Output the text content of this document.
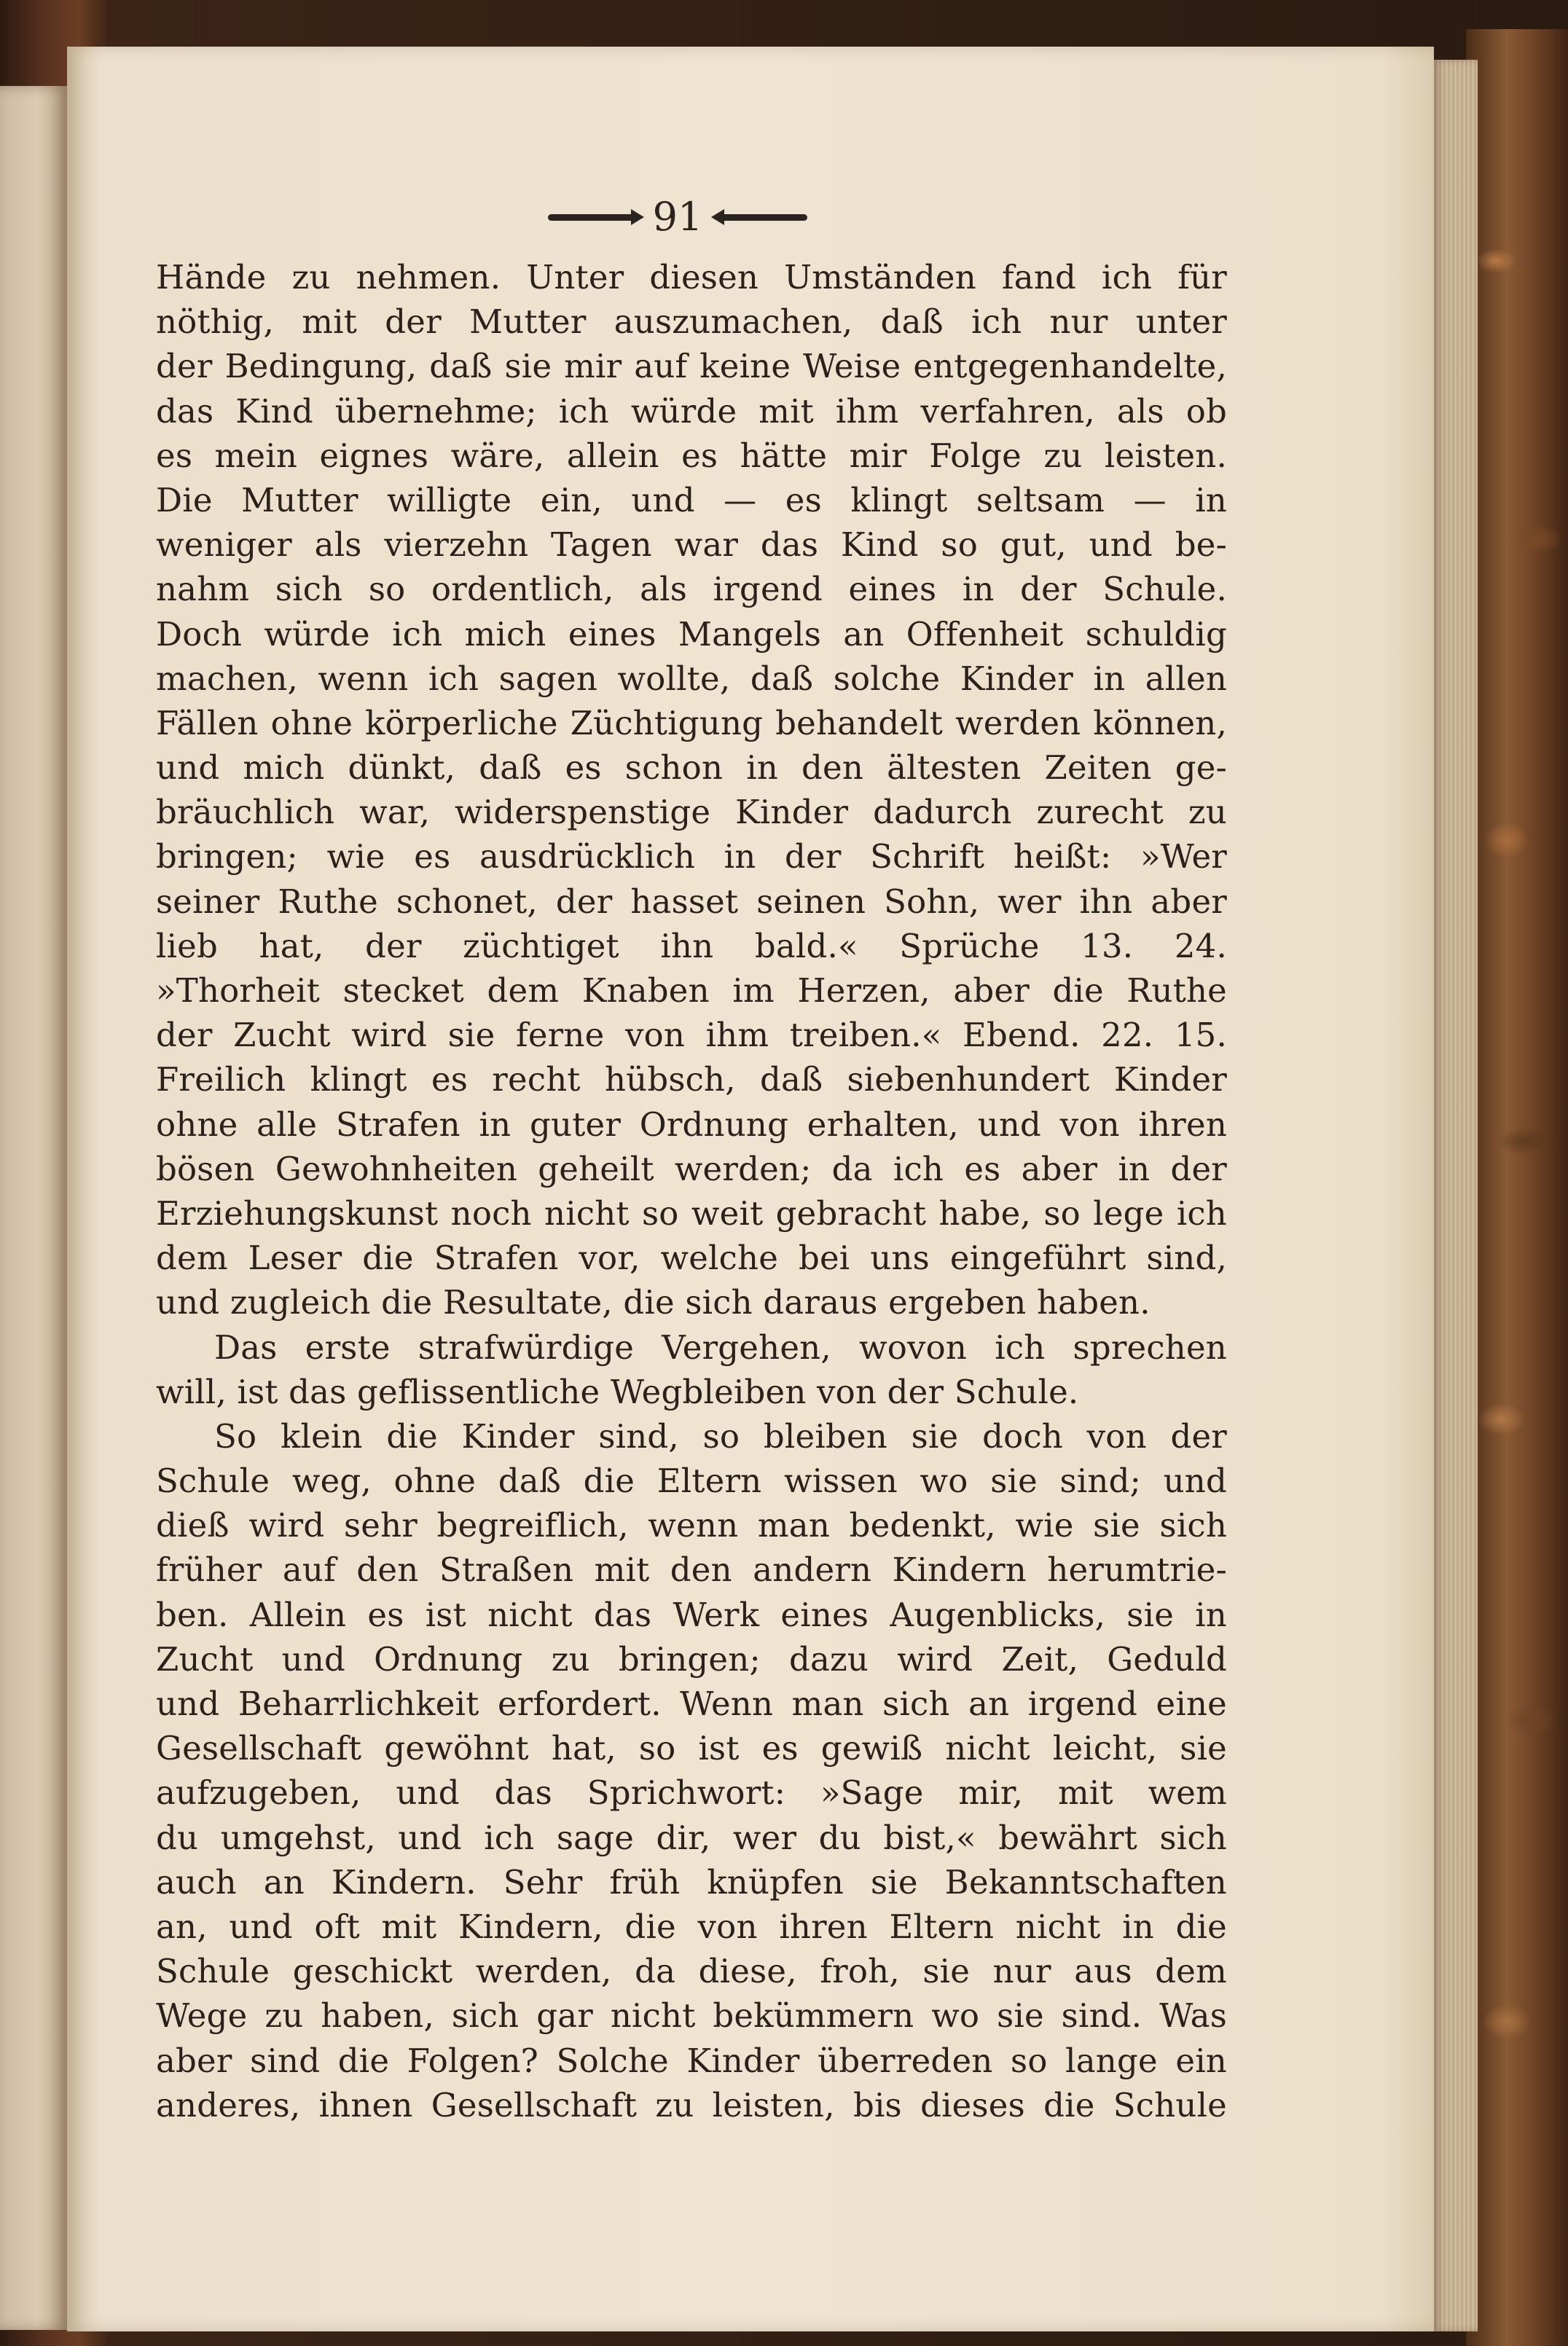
91
Hände zu nehmen. Unter diesen Umständen fand ich für
nöthig, mit der Mutter auszumachen, daß ich nur unter
der Bedingung, daß sie mir auf keine Weise entgegenhandelte,
das Kind übernehme; ich würde mit ihm verfahren, als ob
es mein eignes wäre, allein es hätte mir Folge zu leisten.
Die Mutter willigte ein, und — es klingt seltsam — in
weniger als vierzehn Tagen war das Kind so gut, und be-
nahm sich so ordentlich, als irgend eines in der Schule.
Doch würde ich mich eines Mangels an Offenheit schuldig
machen, wenn ich sagen wollte, daß solche Kinder in allen
Fällen ohne körperliche Züchtigung behandelt werden können,
und mich dünkt, daß es schon in den ältesten Zeiten ge-
bräuchlich war, widerspenstige Kinder dadurch zurecht zu
bringen; wie es ausdrücklich in der Schrift heißt: »Wer
seiner Ruthe schonet, der hasset seinen Sohn, wer ihn aber
lieb hat, der züchtiget ihn bald.« Sprüche 13. 24.
»Thorheit stecket dem Knaben im Herzen, aber die Ruthe
der Zucht wird sie ferne von ihm treiben.« Ebend. 22. 15.
Freilich klingt es recht hübsch, daß siebenhundert Kinder
ohne alle Strafen in guter Ordnung erhalten, und von ihren
bösen Gewohnheiten geheilt werden; da ich es aber in der
Erziehungskunst noch nicht so weit gebracht habe, so lege ich
dem Leser die Strafen vor, welche bei uns eingeführt sind,
und zugleich die Resultate, die sich daraus ergeben haben.
Das erste strafwürdige Vergehen, wovon ich sprechen
will, ist das geflissentliche Wegbleiben von der Schule.
So klein die Kinder sind, so bleiben sie doch von der
Schule weg, ohne daß die Eltern wissen wo sie sind; und
dieß wird sehr begreiflich, wenn man bedenkt, wie sie sich
früher auf den Straßen mit den andern Kindern herumtrie-
ben. Allein es ist nicht das Werk eines Augenblicks, sie in
Zucht und Ordnung zu bringen; dazu wird Zeit, Geduld
und Beharrlichkeit erfordert. Wenn man sich an irgend eine
Gesellschaft gewöhnt hat, so ist es gewiß nicht leicht, sie
aufzugeben, und das Sprichwort: »Sage mir, mit wem
du umgehst, und ich sage dir, wer du bist,« bewährt sich
auch an Kindern. Sehr früh knüpfen sie Bekanntschaften
an, und oft mit Kindern, die von ihren Eltern nicht in die
Schule geschickt werden, da diese, froh, sie nur aus dem
Wege zu haben, sich gar nicht bekümmern wo sie sind. Was
aber sind die Folgen? Solche Kinder überreden so lange ein
anderes, ihnen Gesellschaft zu leisten, bis dieses die Schule
